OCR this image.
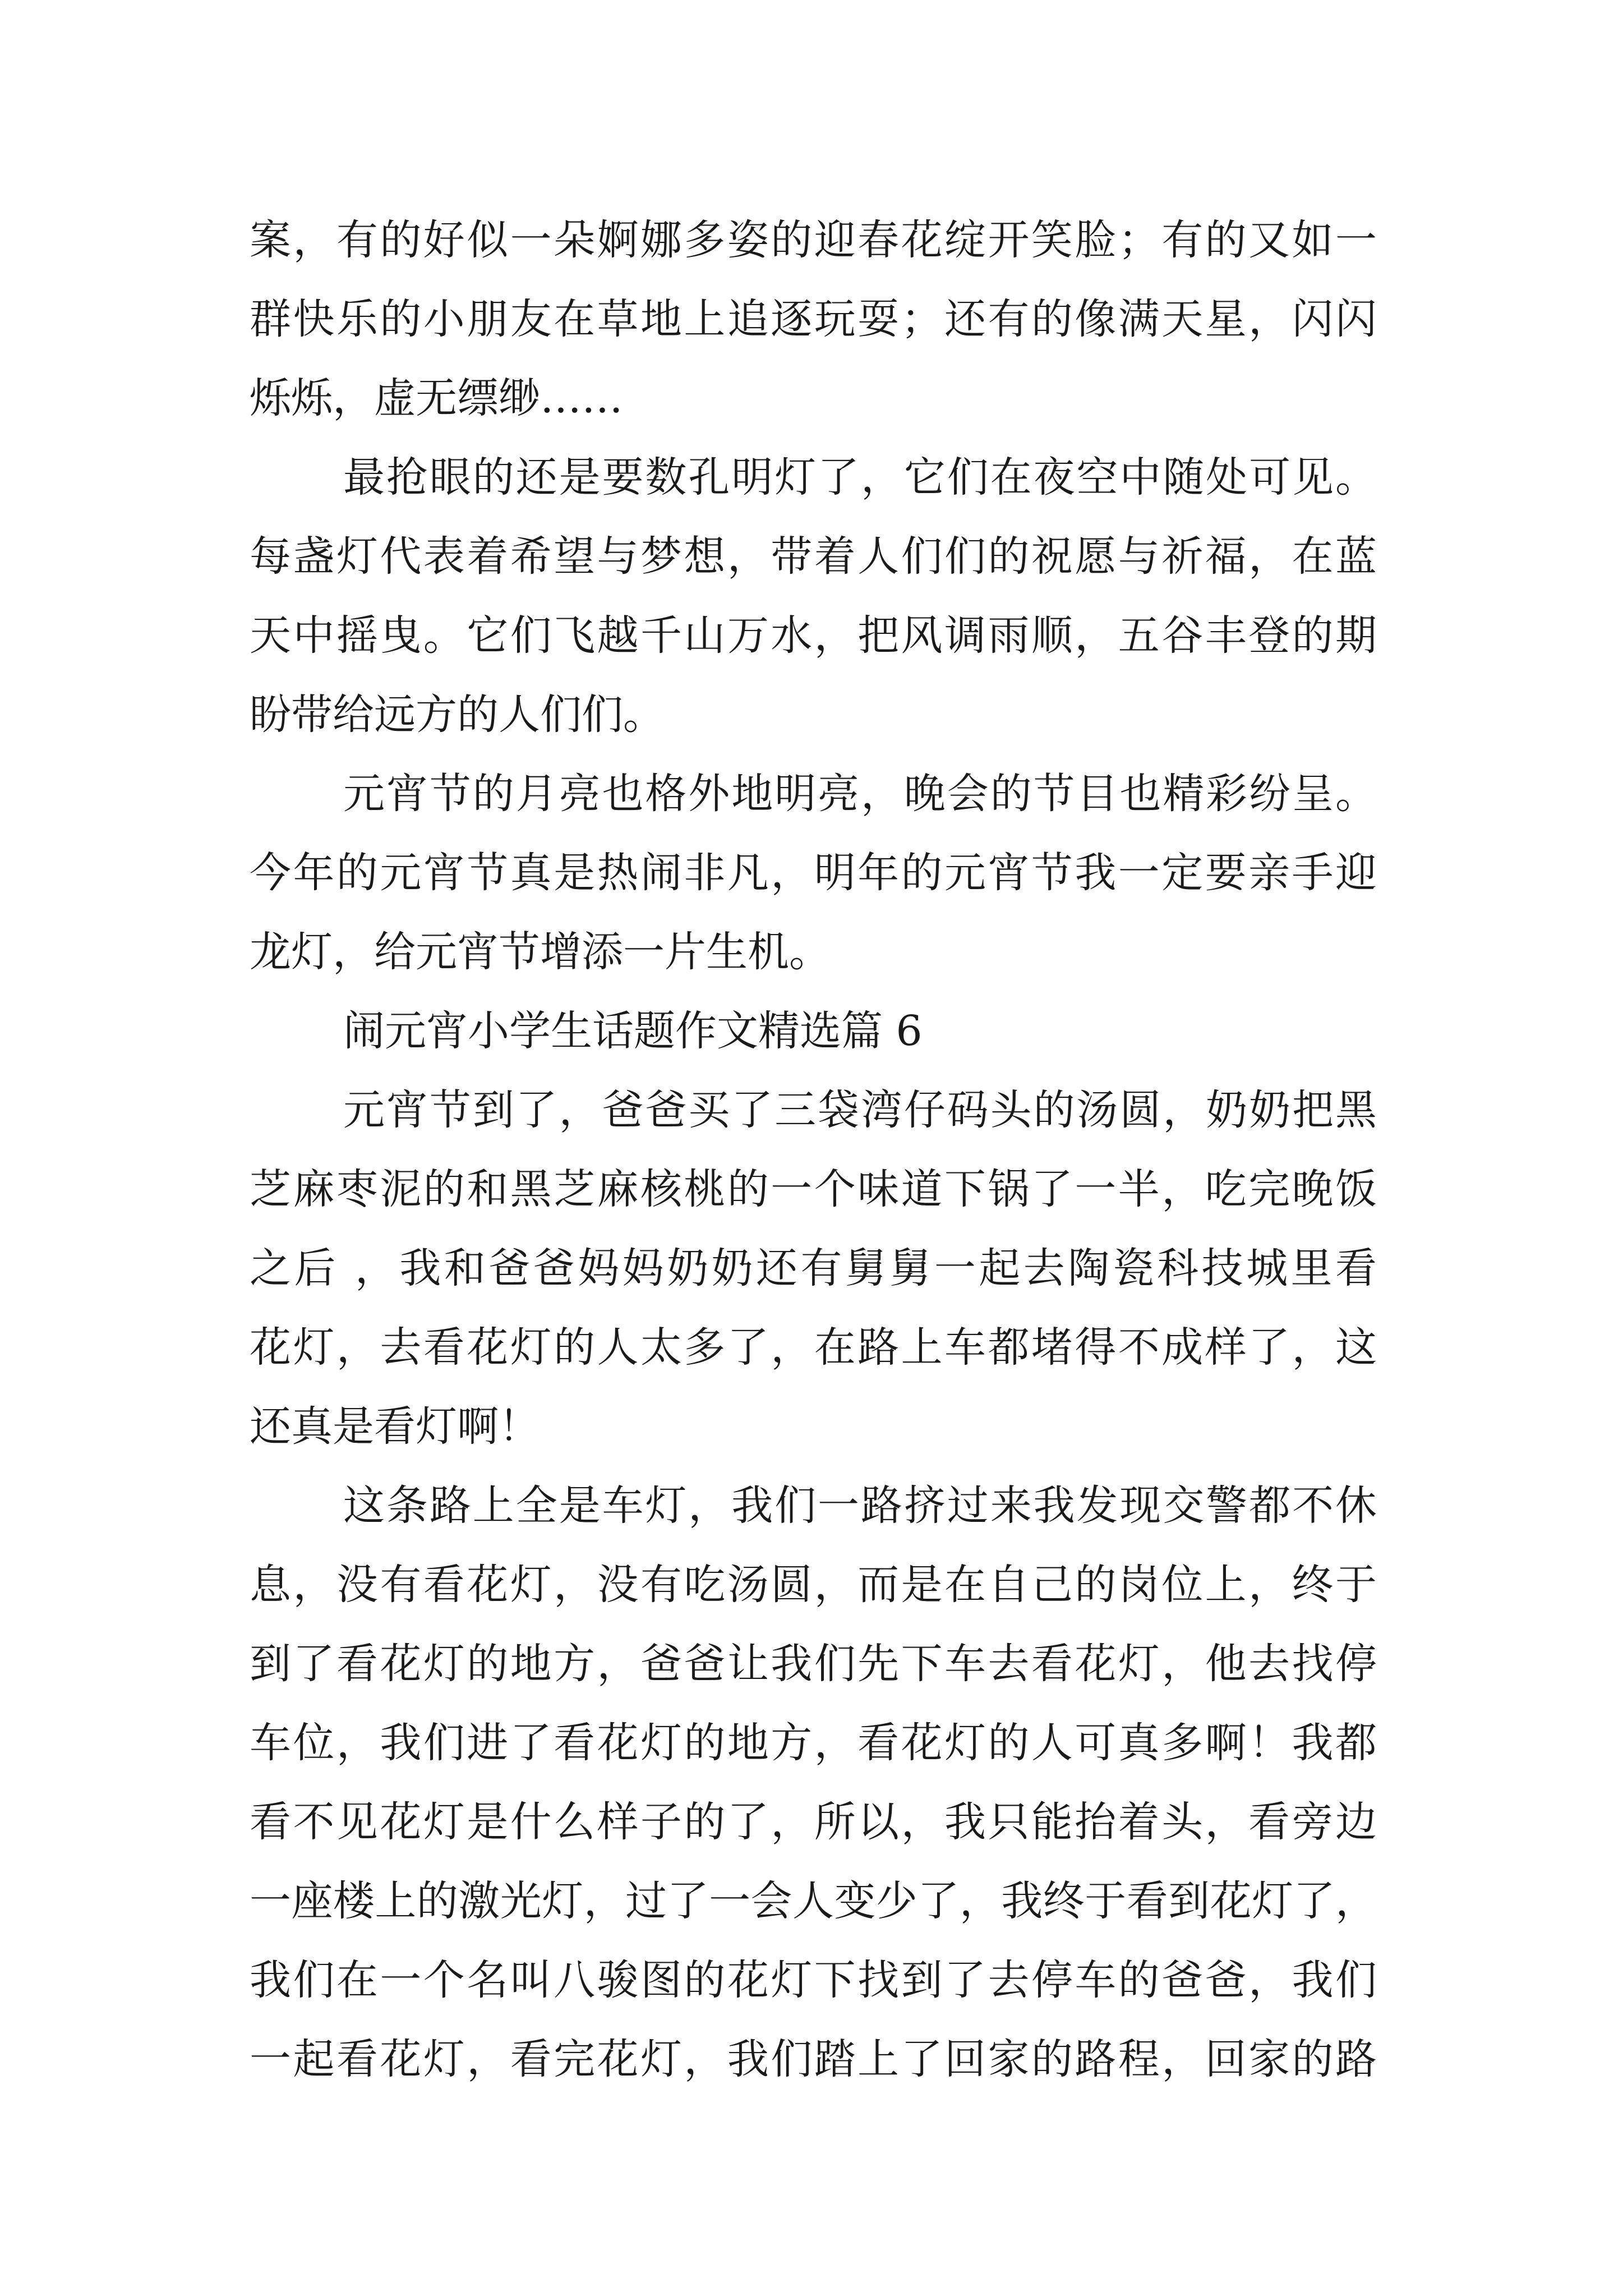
案，有的好似一朵婀娜多姿的迎春花绽开笑脸；有的又如一
群快乐的小朋友在草地上追逐玩耍；还有的像满天星，闪闪
烁烁，虚无缥缈……
最抢眼的还是要数孔明灯了，它们在夜空中随处可见。
每盏灯代表着希望与梦想，带着人们们的祝愿与祈福，在蓝
天中摇曳。它们飞越千山万水，把风调雨顺，五谷丰登的期
盼带给远方的人们们。
元宵节的月亮也格外地明亮，晚会的节目也精彩纷呈。
今年的元宵节真是热闹非凡，明年的元宵节我一定要亲手迎
龙灯，给元宵节增添一片生机。
闹元宵小学生话题作文精选篇 6
元宵节到了，爸爸买了三袋湾仔码头的汤圆，奶奶把黑
芝麻枣泥的和黑芝麻核桃的一个味道下锅了一半，吃完晚饭
之后 ，我和爸爸妈妈奶奶还有舅舅一起去陶瓷科技城里看
花灯，去看花灯的人太多了，在路上车都堵得不成样了，这
还真是看灯啊！
这条路上全是车灯，我们一路挤过来我发现交警都不休
息，没有看花灯，没有吃汤圆，而是在自己的岗位上，终于
到了看花灯的地方，爸爸让我们先下车去看花灯，他去找停
车位，我们进了看花灯的地方，看花灯的人可真多啊！我都
看不见花灯是什么样子的了，所以，我只能抬着头，看旁边
一座楼上的激光灯，过了一会人变少了，我终于看到花灯了，
我们在一个名叫八骏图的花灯下找到了去停车的爸爸，我们
一起看花灯，看完花灯，我们踏上了回家的路程，回家的路
